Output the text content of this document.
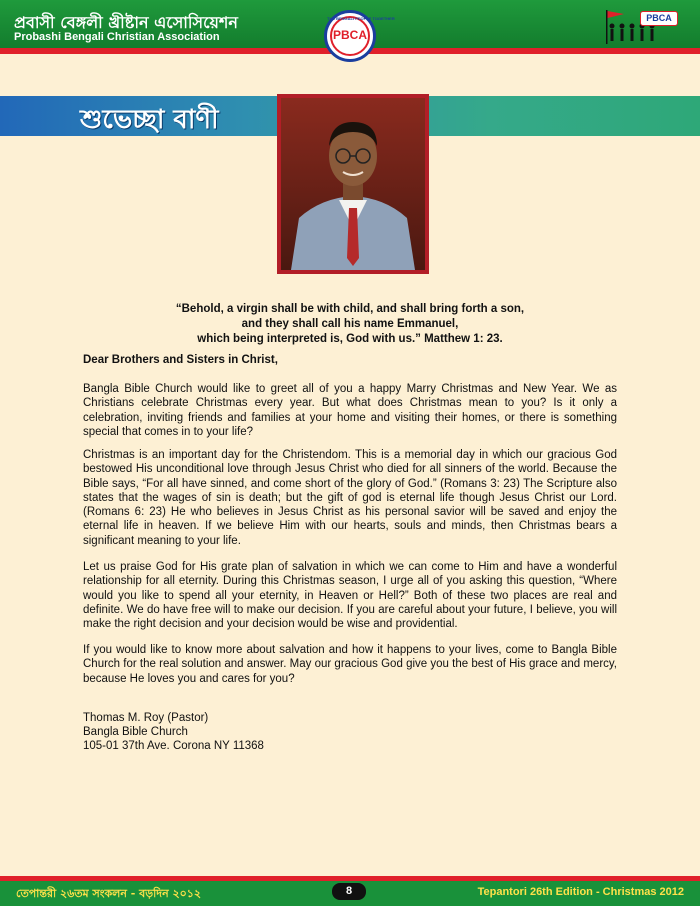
প্রবাসী বেঙ্গলী খ্রীষ্টান এসোসিয়েশন
Probashi Bengali Christian Association
THE BENGALI PEOPLE TOGETHER
PBCA
PBCA
শুভেচ্ছা বাণী
“Behold, a virgin shall be with child, and shall bring forth a son,
and they shall call his name Emmanuel,
which being interpreted is, God with us.” Matthew 1: 23.
Dear Brothers and Sisters in Christ,

Bangla Bible Church would like to greet all of you a happy Marry Christmas and New Year. We as Christians celebrate Christmas every year. But what does Christmas mean to you? Is it only a celebration, inviting friends and families at your home and visiting their homes, or there is something special that comes in to your life?

Christmas is an important day for the Christendom. This is a memorial day in which our gracious God bestowed His unconditional love through Jesus Christ who died for all sinners of the world. Because the Bible says, “For all have sinned, and come short of the glory of God.” (Romans 3: 23) The Scripture also states that the wages of sin is death; but the gift of god is eternal life though Jesus Christ our Lord. (Romans 6: 23) He who believes in Jesus Christ as his personal savior will be saved and enjoy the eternal life in heaven. If we believe Him with our hearts, souls and minds, then Christmas bears a significant meaning to your life.

Let us praise God for His grate plan of salvation in which we can come to Him and have a wonderful relationship for all eternity. During this Christmas season, I urge all of you asking this question, “Where would you like to spend all your eternity, in Heaven or Hell?” Both of these two places are real and definite. We do have free will to make our decision. If you are careful about your future, I believe, you will make the right decision and your decision would be wise and providential.

If you would like to know more about salvation and how it happens to your lives, come to Bangla Bible Church for the real solution and answer. May our gracious God give you the best of His grace and mercy, because He loves you and cares for you?

Thomas M. Roy (Pastor)
Bangla Bible Church
105-01 37th Ave. Corona NY 11368
তেপান্তরী ২৬তম সংকলন - বড়দিন ২০১২	8	Tepantori 26th Edition - Christmas 2012
